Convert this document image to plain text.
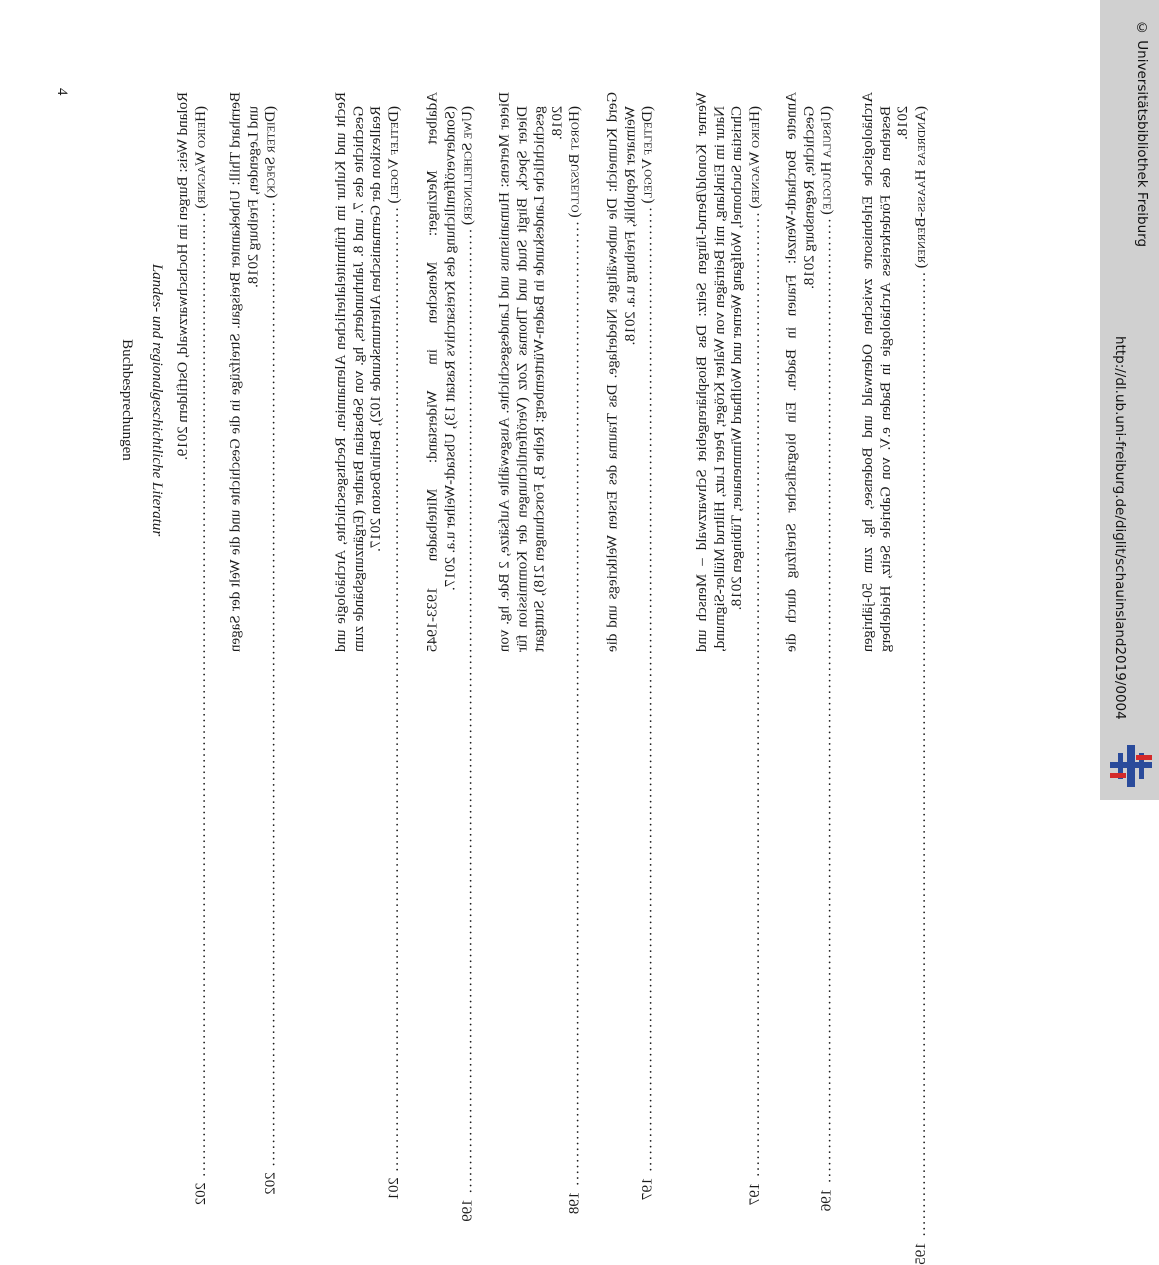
Buchbesprechungen Landes- und regionalgeschichtliche Literatur
4

Archäologische Erlebnisorte zwischen Odenwald und Bodensee, hg. zum 50-jährigen Bestehen des Förderkreises Archäologie in Baden e.V. von Gabriele Seitz, Heidelberg 2018. (Andreas Haasis-Berner)
........................................................................................................................................................................
195

Annette Borchardt-Wenzel: Frauen in Baden. Ein biografischer Streifzug durch die Geschichte, Regensburg 2018. (Ursula Huggle)
........................................................................................................................................................................
196

Werner Konold/Bernd-Jürgen Seitz: Das Biosphärengebiet Schwarzwald – Mensch und Natur im Einklang, mit Beiträgen von Walter Kröger, Peter Lutz, Hiltrud Müller-Sigmund, Christian Suchomel, Wolfgang Werner und Wolfhard Wimmenauer, Tübingen 2018. (Heiko Wagner)
........................................................................................................................................................................
197

Gerd Krumeich: Die unbewältigte Niederlage. Das Trauma des Ersten Weltkriegs und die Weimarer Republik, Freiburg u.a. 2018. (Detlef Vogel)
........................................................................................................................................................................
197

Dieter Mertens: Humanismus und Landesgeschichte. Ausgewählte Aufsätze, 2 Bde. hg. von Dieter Speck, Birgit Studt und Thomas Zotz (Veröffentlichungen der Kommission für geschichtliche Landeskunde in Baden-Württemberg: Reihe B, Forschungen 218), Stuttgart 2018. (Horst Buszello)
........................................................................................................................................................................
198

Adalbert Metzinger: Menschen im Widerstand: Mittelbaden 1933-1945 (Sonderveröffentlichung des Kreisarchivs Rastatt 13), Ubstadt-Weiher u.a. 2017. (Uwe Schellinger)
........................................................................................................................................................................
199

Recht und Kultur im frühmittelalterlichen Alemannien. Rechtsgeschichte, Archäologie und Geschichte des 7. und 8. Jahrhunderts, hg. von Sebastian Brather (Ergänzungsbände zum Reallexikon der Germanischen Altertumskunde 102), Berlin/Boston 2017. (Detlef Vogel)
........................................................................................................................................................................
201

Bernhard Thill: Unbekannter Breisgau. Streifzüge in die Geschichte und die Welt der Sagen und Legenden, Freiburg 2018. (Dieter Speck)
........................................................................................................................................................................
202

Roland Weis: Burgen im Hochschwarzwald, Ostfildern 2019. (Heiko Wagner)
........................................................................................................................................................................
202
http://dl.ub.uni-freiburg.de/diglit/schauinsland2019/0004
© Universitätsbibliothek Freiburg
